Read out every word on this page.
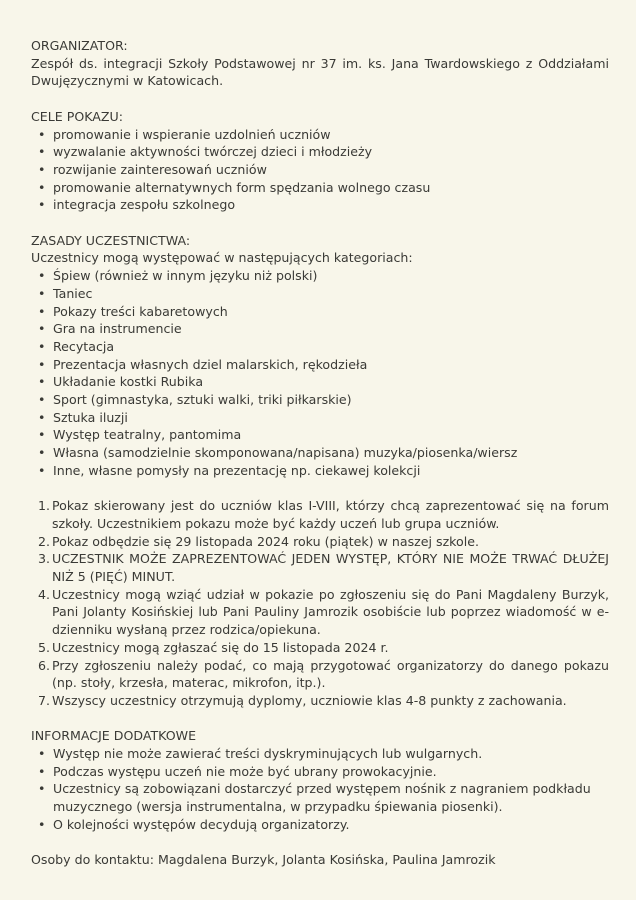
ORGANIZATOR:
Zespół ds. integracji Szkoły Podstawowej nr 37 im. ks. Jana Twardowskiego z Oddziałami Dwujęzycznymi w Katowicach.
CELE POKAZU:
• promowanie i wspieranie uzdolnień uczniów
• wyzwalanie aktywności twórczej dzieci i młodzieży
• rozwijanie zainteresowań uczniów
• promowanie alternatywnych form spędzania wolnego czasu
• integracja zespołu szkolnego
ZASADY UCZESTNICTWA:
Uczestnicy mogą występować w następujących kategoriach:
• Śpiew (również w innym języku niż polski)
• Taniec
• Pokazy treści kabaretowych
• Gra na instrumencie
• Recytacja
• Prezentacja własnych dziel malarskich, rękodzieła
• Układanie kostki Rubika
• Sport (gimnastyka, sztuki walki, triki piłkarskie)
• Sztuka iluzji
• Występ teatralny, pantomima
• Własna (samodzielnie skomponowana/napisana) muzyka/piosenka/wiersz
• Inne, własne pomysły na prezentację np. ciekawej kolekcji
1. Pokaz skierowany jest do uczniów klas I-VIII, którzy chcą zaprezentować się na forum szkoły. Uczestnikiem pokazu może być każdy uczeń lub grupa uczniów.
2. Pokaz odbędzie się 29 listopada 2024 roku (piątek) w naszej szkole.
3. UCZESTNIK MOŻE ZAPREZENTOWAĆ JEDEN WYSTĘP, KTÓRY NIE MOŻE TRWAĆ DŁUŻEJ NIŻ 5 (PIĘĆ) MINUT.
4. Uczestnicy mogą wziąć udział w pokazie po zgłoszeniu się do Pani Magdaleny Burzyk, Pani Jolanty Kosińskiej lub Pani Pauliny Jamrozik osobiście lub poprzez wiadomość w e-dzienniku wysłaną przez rodzica/opiekuna.
5. Uczestnicy mogą zgłaszać się do 15 listopada 2024 r.
6. Przy zgłoszeniu należy podać, co mają przygotować organizatorzy do danego pokazu (np. stoły, krzesła, materac, mikrofon, itp.).
7. Wszyscy uczestnicy otrzymują dyplomy, uczniowie klas 4-8 punkty z zachowania.
INFORMACJE DODATKOWE
• Występ nie może zawierać treści dyskryminujących lub wulgarnych.
• Podczas występu uczeń nie może być ubrany prowokacyjnie.
• Uczestnicy są zobowiązani dostarczyć przed występem nośnik z nagraniem podkładu muzycznego (wersja instrumentalna, w przypadku śpiewania piosenki).
• O kolejności występów decydują organizatorzy.
Osoby do kontaktu: Magdalena Burzyk, Jolanta Kosińska, Paulina Jamrozik
